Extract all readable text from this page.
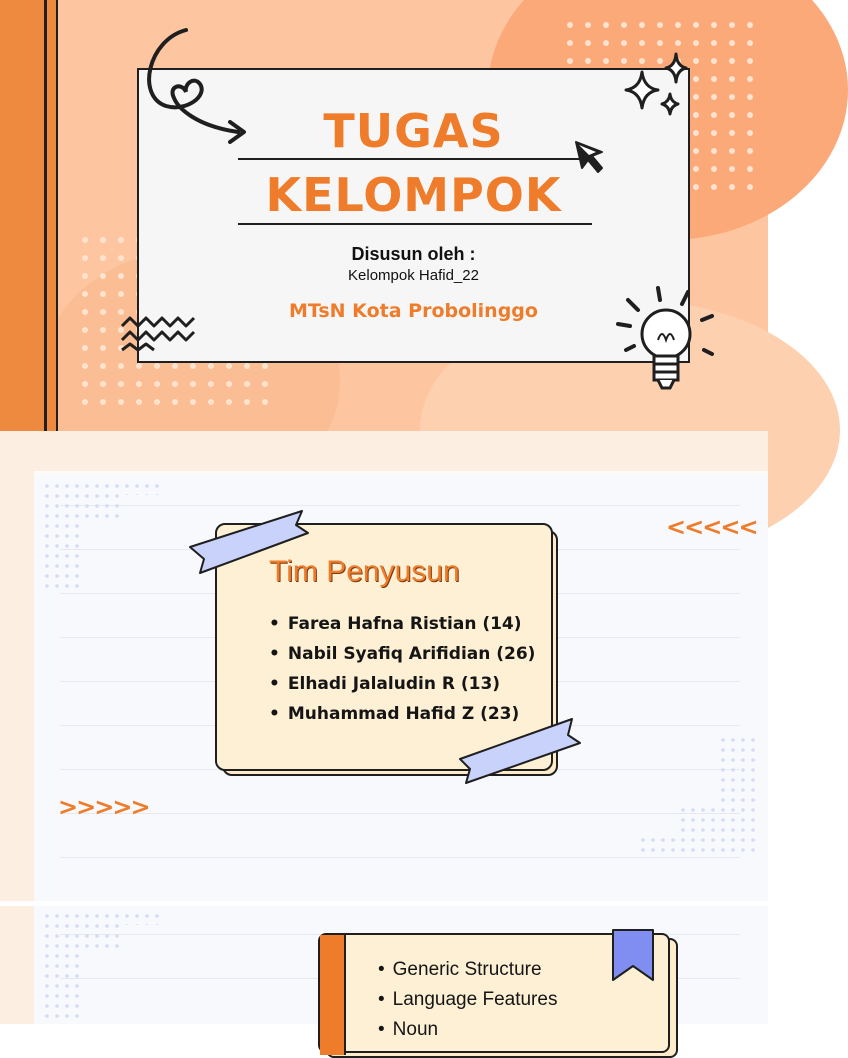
TUGAS
KELOMPOK
Disusun oleh :
Kelompok Hafid_22
MTsN Kota Probolinggo
Tim Penyusun
• Farea Hafna Ristian (14)
• Nabil Syafiq Arifidian (26)
• Elhadi Jalaludin R (13)
• Muhammad Hafid Z (23)
<<<<<
>>>>>
• Generic Structure
• Language Features
• Noun
